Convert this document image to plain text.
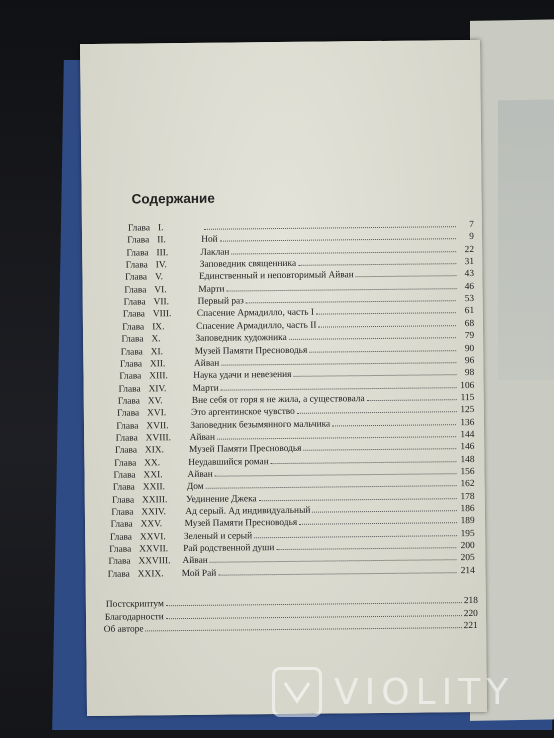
Содержание
Глава I.	7
Глава II.	Ной	9
Глава III.	Лаклан	22
Глава IV.	Заповедник священника	31
Глава V.	Единственный и неповторимый Айван	43
Глава VI.	Марти	46
Глава VII.	Первый раз	53
Глава VIII.	Спасение Армадилло, часть I	61
Глава IX.	Спасение Армадилло, часть II	68
Глава X.	Заповедник художника	79
Глава XI.	Музей Памяти Пресноводья	90
Глава XII.	Айван	96
Глава XIII.	Наука удачи и невезения	98
Глава XIV.	Марти	106
Глава XV.	Вне себя от горя я не жила, а существовала	115
Глава XVI.	Это аргентинское чувство	125
Глава XVII.	Заповедник безымянного мальчика	136
Глава XVIII.	Айван	144
Глава XIX.	Музей Памяти Пресноводья	146
Глава XX.	Неудавшийся роман	148
Глава XXI.	Айван	156
Глава XXII.	Дом	162
Глава XXIII.	Уединение Джека	178
Глава XXIV.	Ад серый. Ад индивидуальный	186
Глава XXV.	Музей Памяти Пресноводья	189
Глава XXVI.	Зеленый и серый	195
Глава XXVII.	Рай родственной души	200
Глава XXVIII.	Айван	205
Глава XXIX.	Мой Рай	214
Постскриптум	218
Благодарности	220
Об авторе	221
VIOLITY
